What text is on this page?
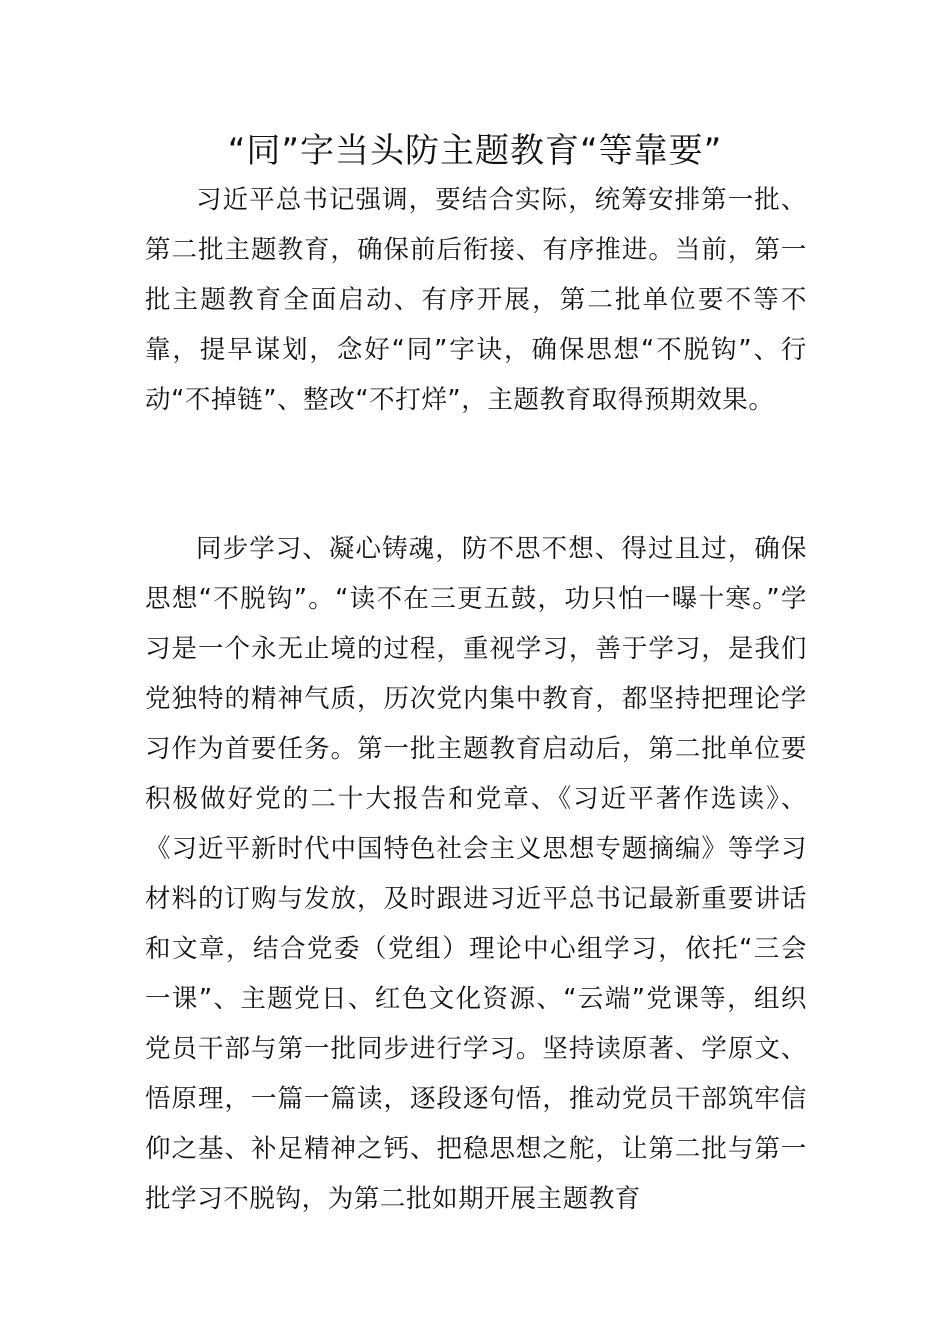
“同”字当头防主题教育“等靠要”

习近平总书记强调，要结合实际，统筹安排第一批、第二批主题教育，确保前后衔接、有序推进。当前，第一批主题教育全面启动、有序开展，第二批单位要不等不靠，提早谋划，念好“同”字诀，确保思想“不脱钩”、行动“不掉链”、整改“不打烊”，主题教育取得预期效果。

同步学习、凝心铸魂，防不思不想、得过且过，确保思想“不脱钩”。“读不在三更五鼓，功只怕一曝十寒。”学习是一个永无止境的过程，重视学习，善于学习，是我们党独特的精神气质，历次党内集中教育，都坚持把理论学习作为首要任务。第一批主题教育启动后，第二批单位要积极做好党的二十大报告和党章、《习近平著作选读》、《习近平新时代中国特色社会主义思想专题摘编》等学习材料的订购与发放，及时跟进习近平总书记最新重要讲话和文章，结合党委（党组）理论中心组学习，依托“三会一课”、主题党日、红色文化资源、“云端”党课等，组织党员干部与第一批同步进行学习。坚持读原著、学原文、悟原理，一篇一篇读，逐段逐句悟，推动党员干部筑牢信仰之基、补足精神之钙、把稳思想之舵，让第二批与第一批学习不脱钩，为第二批如期开展主题教育
